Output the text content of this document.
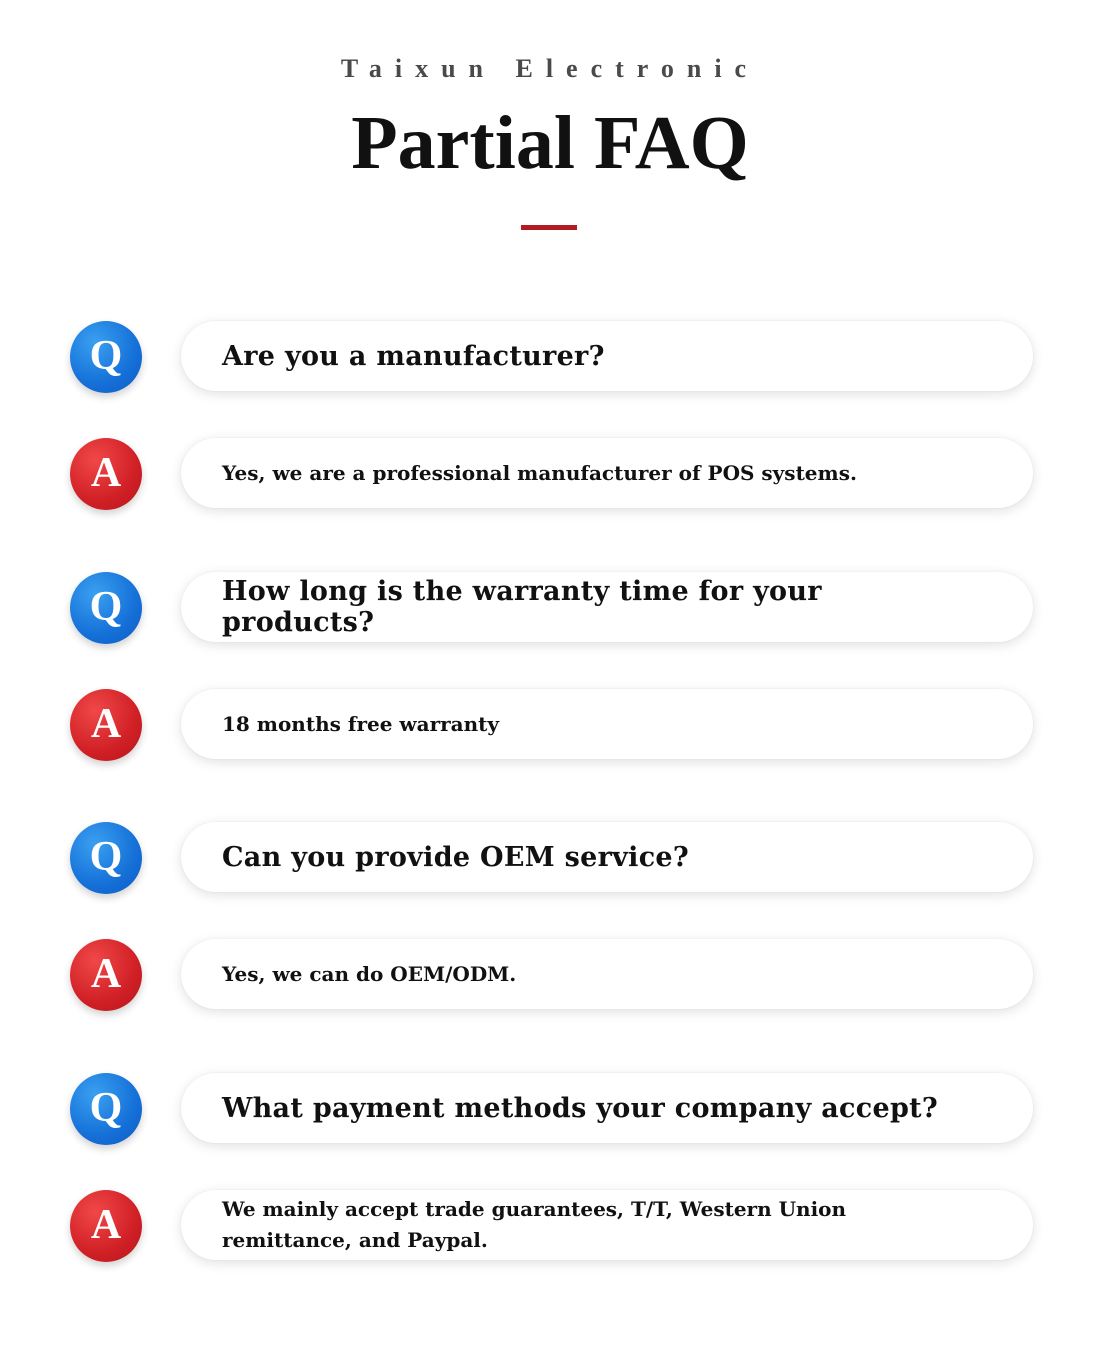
Taixun Electronic
Partial FAQ
Q	Are you a manufacturer?
A	Yes, we are a professional manufacturer of POS systems.
Q	How long is the warranty time for your products?
A	18 months free warranty
Q	Can you provide OEM service?
A	Yes, we can do OEM/ODM.
Q	What payment methods your company accept?
A	We mainly accept trade guarantees, T/T, Western Union remittance, and Paypal.
